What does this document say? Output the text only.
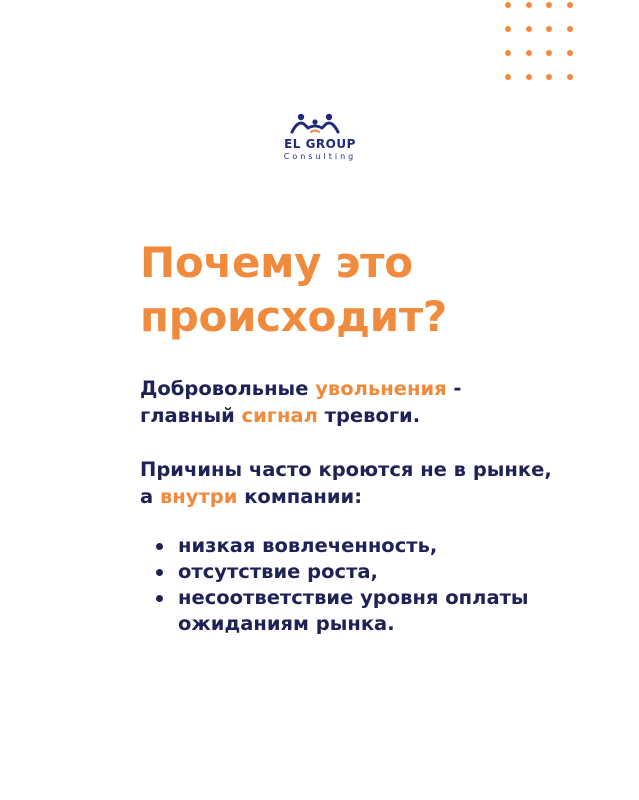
EL GROUP
Consulting
Почему это
происходит?

Добровольные увольнения -
главный сигнал тревоги.

Причины часто кроются не в рынке,
а внутри компании:

низкая вовлеченность,
отсутствие роста,
несоответствие уровня оплаты ожиданиям рынка.
